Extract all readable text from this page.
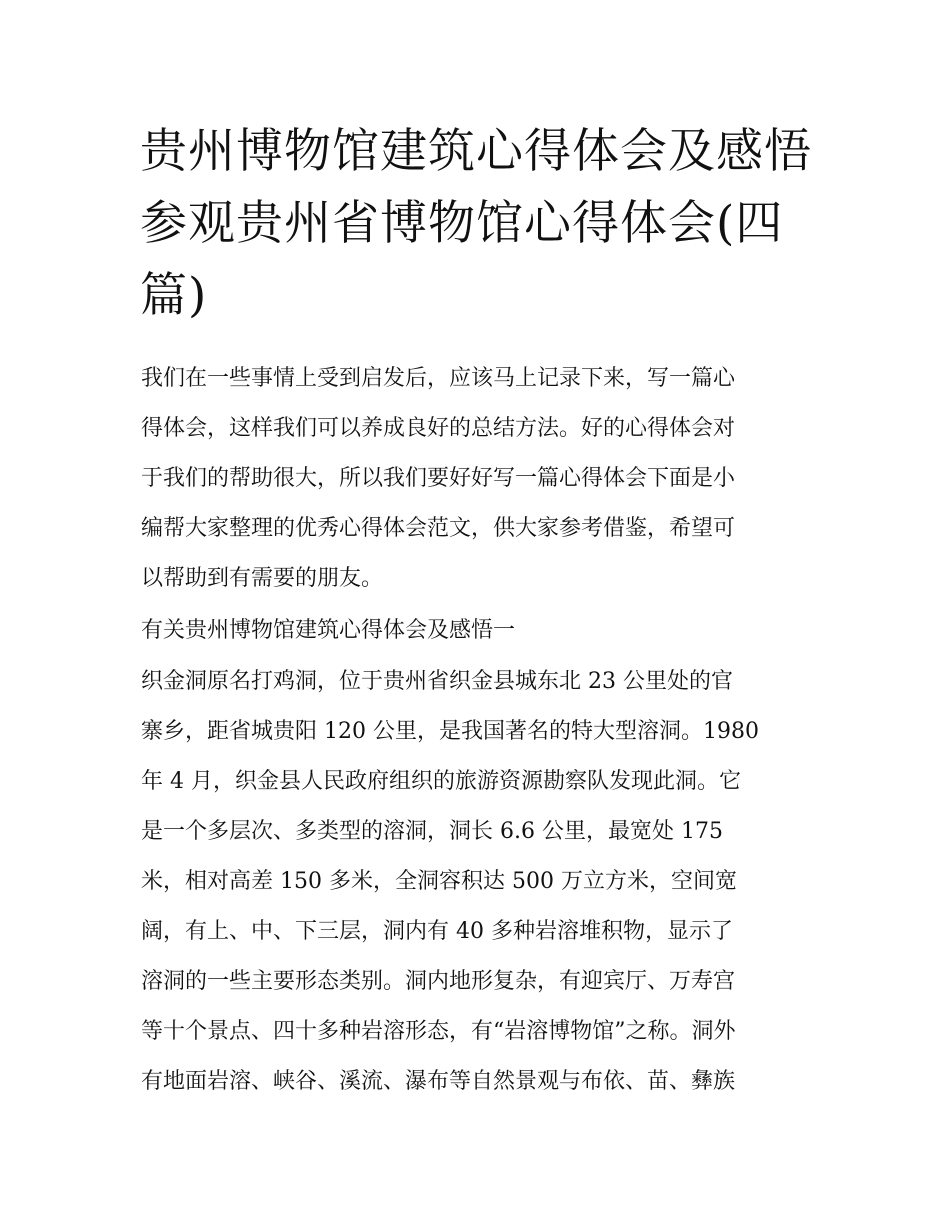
贵州博物馆建筑心得体会及感悟 参观贵州省博物馆心得体会(四篇)
我们在一些事情上受到启发后，应该马上记录下来，写一篇心
得体会，这样我们可以养成良好的总结方法。好的心得体会对
于我们的帮助很大，所以我们要好好写一篇心得体会下面是小
编帮大家整理的优秀心得体会范文，供大家参考借鉴，希望可
以帮助到有需要的朋友。
有关贵州博物馆建筑心得体会及感悟一
织金洞原名打鸡洞，位于贵州省织金县城东北 23 公里处的官
寨乡，距省城贵阳 120 公里，是我国著名的特大型溶洞。1980
年 4 月，织金县人民政府组织的旅游资源勘察队发现此洞。它
是一个多层次、多类型的溶洞，洞长 6.6 公里，最宽处 175
米，相对高差 150 多米，全洞容积达 500 万立方米，空间宽
阔，有上、中、下三层，洞内有 40 多种岩溶堆积物，显示了
溶洞的一些主要形态类别。洞内地形复杂，有迎宾厅、万寿宫
等十个景点、四十多种岩溶形态，有“岩溶博物馆”之称。洞外
有地面岩溶、峡谷、溪流、瀑布等自然景观与布依、苗、彝族
